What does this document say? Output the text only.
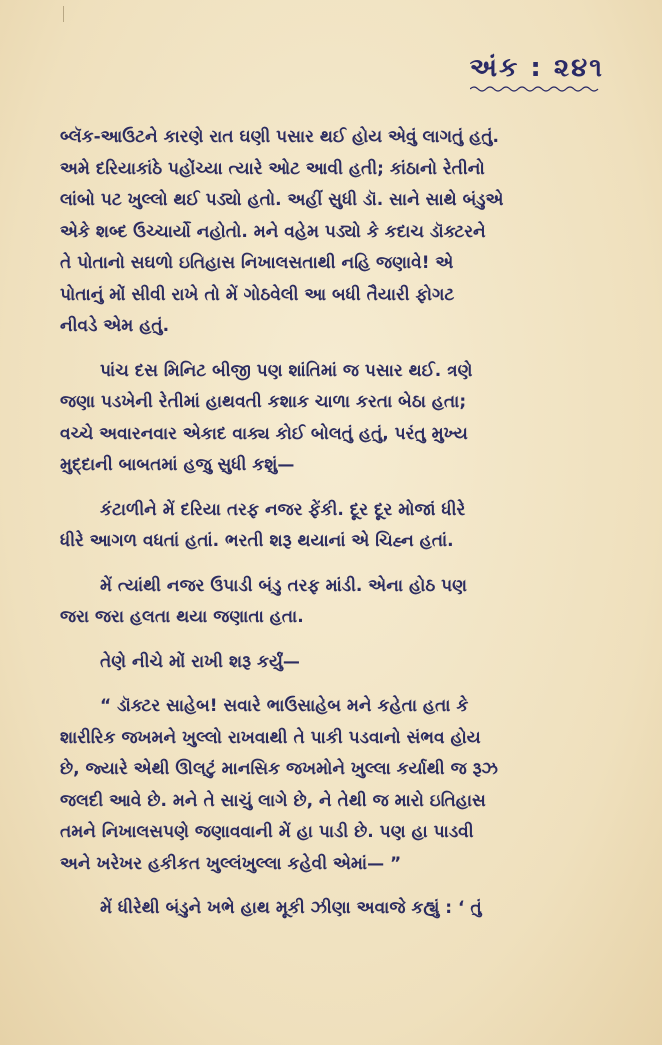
અંક : ૨૪૧

બ્લૅક-આઉટને કારણે રાત ઘણી પસાર થઈ હોય એવું લાગતું હતું.
અમે દરિયાકાંઠે પહોંચ્યા ત્યારે ઓટ આવી હતી; કાંઠાનો રેતીનો
લાંબો પટ ખુલ્લો થઈ પડ્યો હતો. અહીં સુધી ડૉ. સાને સાથે બંડુએ
એકે શબ્દ ઉચ્ચાર્યો નહોતો. મને વહેમ પડ્યો કે કદાચ ડૉક્ટરને
તે પોતાનો સઘળો ઇતિહાસ નિખાલસતાથી નહિ જણાવે! એ
પોતાનું મોં સીવી રાખે તો મેં ગોઠવેલી આ બધી તૈયારી ફોગટ
નીવડે એમ હતું.

પાંચ દસ મિનિટ બીજી પણ શાંતિમાં જ પસાર થઈ. ત્રણે
જણા પડખેની રેતીમાં હાથવતી કશાક ચાળા કરતા બેઠા હતા;
વચ્ચે અવારનવાર એકાદ વાક્ય કોઈ બોલતું હતું, પરંતુ મુખ્ય
મુદ્દાની બાબતમાં હજુ સુધી કશું—

કંટાળીને મેં દરિયા તરફ નજર ફેંકી. દૂર દૂર મોજાં ધીરે
ધીરે આગળ વધતાં હતાં. ભરતી શરૂ થયાનાં એ ચિહ્ન હતાં.

મેં ત્યાંથી નજર ઉપાડી બંડુ તરફ માંડી. એના હોઠ પણ
જરા જરા હલતા થયા જણાતા હતા.

તેણે નીચે મોં રાખી શરૂ કર્યું—

“ ડૉક્ટર સાહેબ! સવારે ભાઉસાહેબ મને કહેતા હતા કે
શારીરિક જખમને ખુલ્લો રાખવાથી તે પાકી પડવાનો સંભવ હોય
છે, જ્યારે એથી ઊલટું માનસિક જખમોને ખુલ્લા કર્યાથી જ રૂઝ
જલદી આવે છે. મને તે સાચું લાગે છે, ને તેથી જ મારો ઇતિહાસ
તમને નિખાલસપણે જણાવવાની મેં હા પાડી છે. પણ હા પાડવી
અને ખરેખર હકીકત ખુલ્લંખુલ્લા કહેવી એમાં— ”

મેં ધીરેથી બંડુને ખભે હાથ મૂકી ઝીણા અવાજે કહ્યું : ‘ તું
